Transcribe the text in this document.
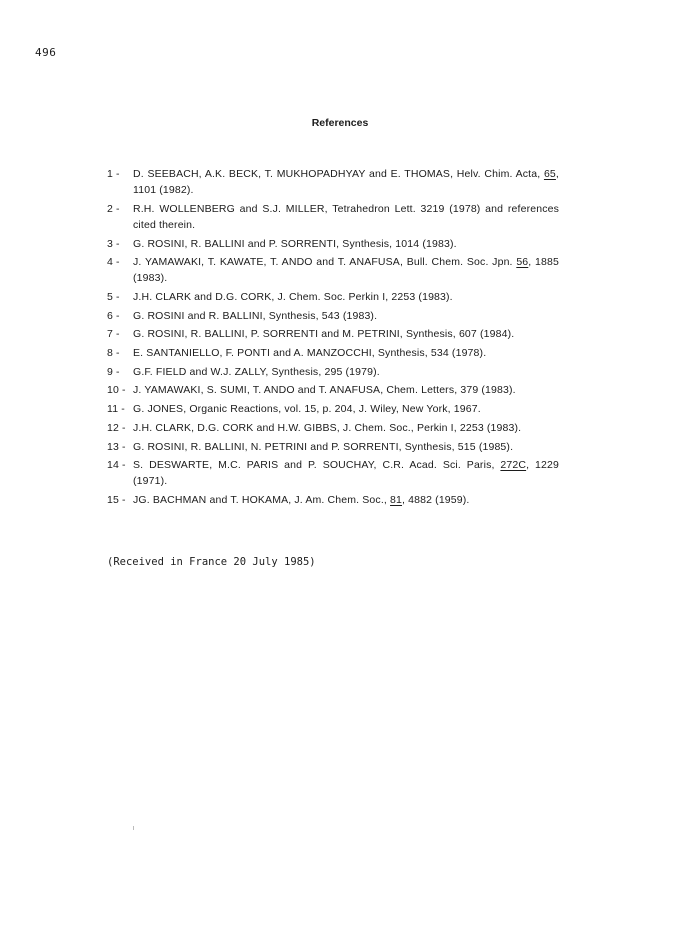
496
References
1 - D. SEEBACH, A.K. BECK, T. MUKHOPADHYAY and E. THOMAS, Helv. Chim. Acta, 65, 1101 (1982).
2 - R.H. WOLLENBERG and S.J. MILLER, Tetrahedron Lett. 3219 (1978) and references cited therein.
3 - G. ROSINI, R. BALLINI and P. SORRENTI, Synthesis, 1014 (1983).
4 - J. YAMAWAKI, T. KAWATE, T. ANDO and T. ANAFUSA, Bull. Chem. Soc. Jpn. 56, 1885 (1983).
5 - J.H. CLARK and D.G. CORK, J. Chem. Soc. Perkin I, 2253 (1983).
6 - G. ROSINI and R. BALLINI, Synthesis, 543 (1983).
7 - G. ROSINI, R. BALLINI, P. SORRENTI and M. PETRINI, Synthesis, 607 (1984).
8 - E. SANTANIELLO, F. PONTI and A. MANZOCCHI, Synthesis, 534 (1978).
9 - G.F. FIELD and W.J. ZALLY, Synthesis, 295 (1979).
10 - J. YAMAWAKI, S. SUMI, T. ANDO and T. ANAFUSA, Chem. Letters, 379 (1983).
11 - G. JONES, Organic Reactions, vol. 15, p. 204, J. Wiley, New York, 1967.
12 - J.H. CLARK, D.G. CORK and H.W. GIBBS, J. Chem. Soc., Perkin I, 2253 (1983).
13 - G. ROSINI, R. BALLINI, N. PETRINI and P. SORRENTI, Synthesis, 515 (1985).
14 - S. DESWARTE, M.C. PARIS and P. SOUCHAY, C.R. Acad. Sci. Paris, 272C, 1229 (1971).
15 - JG. BACHMAN and T. HOKAMA, J. Am. Chem. Soc., 81, 4882 (1959).
(Received in France 20 July 1985)
